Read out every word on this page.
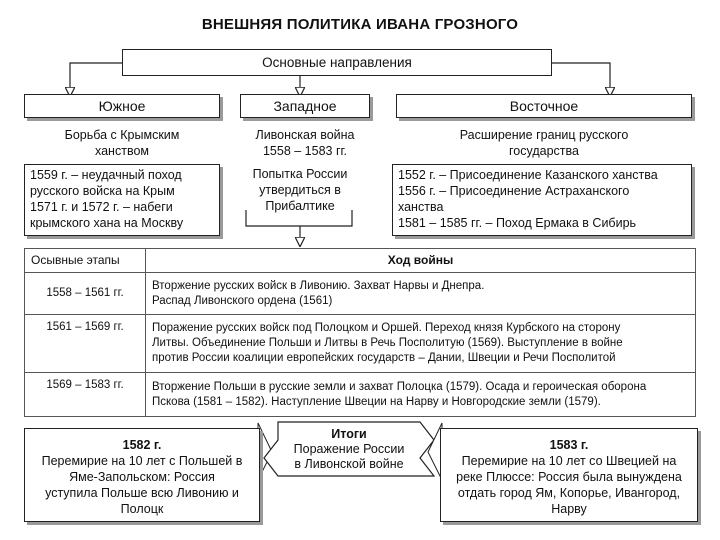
ВНЕШНЯЯ ПОЛИТИКА ИВАНА ГРОЗНОГО
Основные направления
Южное	Западное	Восточное
Борьба с Крымским
ханством
Ливонская война
1558 – 1583 гг.
Расширение границ русского
государства
1559 г. – неудачный поход
русского войска на Крым
1571 г. и 1572 г. – набеги
крымского хана на Москву
Попытка России
утвердиться в
Прибалтике
1552 г. – Присоединение Казанского ханства
1556 г. – Присоединение Астраханского
ханства
1581 – 1585 гг. – Поход Ермака в Сибирь
Осывные этапы	Ход войны
1558 – 1561 гг.	Вторжение русских войск в Ливонию. Захват Нарвы и Днепра.
Распад Ливонского ордена (1561)

1561 – 1569 гг.	Поражение русских войск под Полоцком и Оршей. Переход князя Курбского на сторону
Литвы. Объединение Польши и Литвы в Речь Посполитую (1569). Выступление в войне
против России коалиции европейских государств – Дании, Швеции и Речи Посполитой

1569 – 1583 гг.	Вторжение Польши в русские земли и захват Полоцка (1579). Осада и героическая оборона
Пскова (1581 – 1582). Наступление Швеции на Нарву и Новгородские земли (1579).
1582 г.
Перемирие на 10 лет с Польшей в
Яме-Запольском: Россия
уступила Польше всю Ливонию и
Полоцк
Итоги
Поражение России
в Ливонской войне
1583 г.
Перемирие на 10 лет со Швецией на
реке Плюссе: Россия была вынуждена
отдать город Ям, Копорье, Ивангород,
Нарву
